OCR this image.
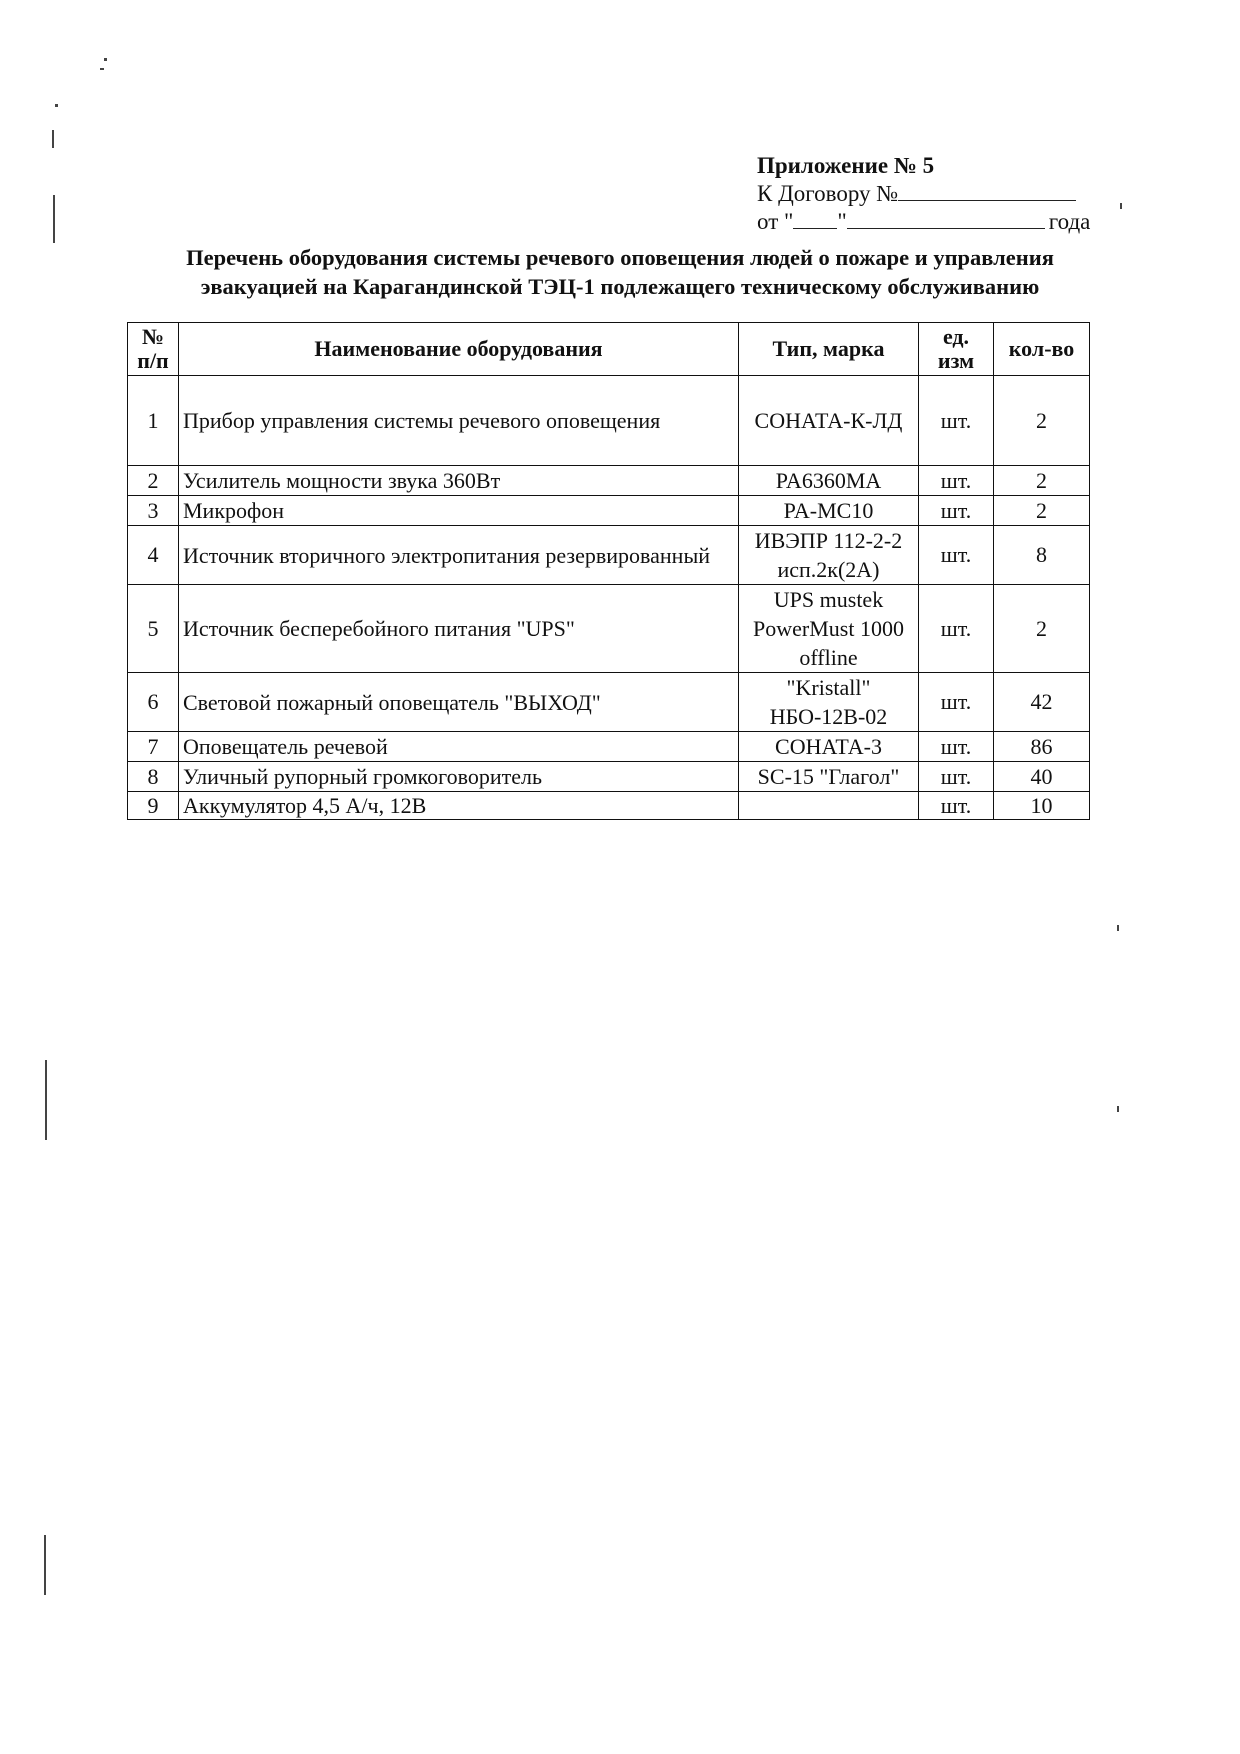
Приложение № 5
К Договору №
от " "	года
Перечень оборудования системы речевого оповещения людей о пожаре и управления
эвакуацией на Карагандинской ТЭЦ-1 подлежащего техническому обслуживанию
№
п/п	Наименование оборудования	Тип, марка	ед. изм	кол-во
1	Прибор управления системы речевого оповещения	СОНАТА-К-ЛД	шт.	2
2	Усилитель мощности звука 360Вт	PA6360MA	шт.	2
3	Микрофон	PA-MC10	шт.	2
4	Источник вторичного электропитания резервированный	ИВЭПР 112-2-2 исп.2к(2А)	шт.	8
5	Источник бесперебойного питания "UPS"	UPS mustek PowerMust 1000 offline	шт.	2
6	Световой пожарный оповещатель "ВЫХОД"	"Kristall" НБО-12В-02	шт.	42
7	Оповещатель речевой	СОНАТА-3	шт.	86
8	Уличный рупорный громкоговоритель	SC-15 "Глагол"	шт.	40
9	Аккумулятор 4,5 А/ч, 12В		шт.	10
